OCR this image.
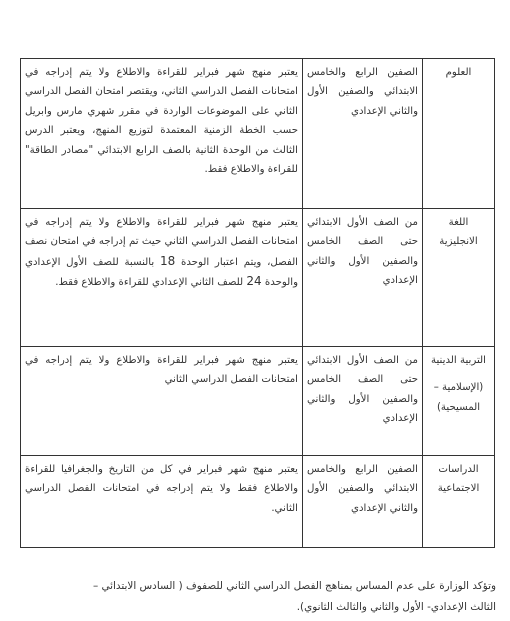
العلوم	الصفين الرابع والخامس الابتدائي والصفين الأول والثاني الإعدادي	يعتبر منهج شهر فبراير للقراءة والاطلاع ولا يتم إدراجه في امتحانات الفصل الدراسي الثاني، ويقتصر امتحان الفصل الدراسي الثاني على الموضوعات الواردة في مقرر شهري مارس وابريل حسب الخطة الزمنية المعتمدة لتوزيع المنهج، ويعتبر الدرس الثالث من الوحدة الثانية بالصف الرابع الابتدائي "مصادر الطاقة" للقراءة والاطلاع فقط.

اللغة
الانجليزية	من الصف الأول الابتدائي حتى الصف الخامس والصفين الأول والثاني الإعدادي	يعتبر منهج شهر فبراير للقراءة والاطلاع ولا يتم إدراجه في امتحانات الفصل الدراسي الثاني حيث تم إدراجه في امتحان نصف الفصل، ويتم اعتبار الوحدة 18 بالنسبة للصف الأول الإعدادي والوحدة 24 للصف الثاني الإعدادي للقراءة والاطلاع فقط.

التربية الدينية
(الإسلامية –
المسيحية)	من الصف الأول الابتدائي حتى الصف الخامس والصفين الأول والثاني الإعدادي	يعتبر منهج شهر فبراير للقراءة والاطلاع ولا يتم إدراجه في امتحانات الفصل الدراسي الثاني

الدراسات
الاجتماعية	الصفين الرابع والخامس الابتدائي والصفين الأول والثاني الإعدادي	يعتبر منهج شهر فبراير في كل من التاريخ والجغرافيا للقراءة والاطلاع فقط ولا يتم إدراجه في امتحانات الفصل الدراسي الثاني.
وتؤكد الوزارة على عدم المساس بمناهج الفصل الدراسي الثاني للصفوف ( السادس الابتدائي –
الثالث الإعدادي- الأول والثاني والثالث الثانوي).
